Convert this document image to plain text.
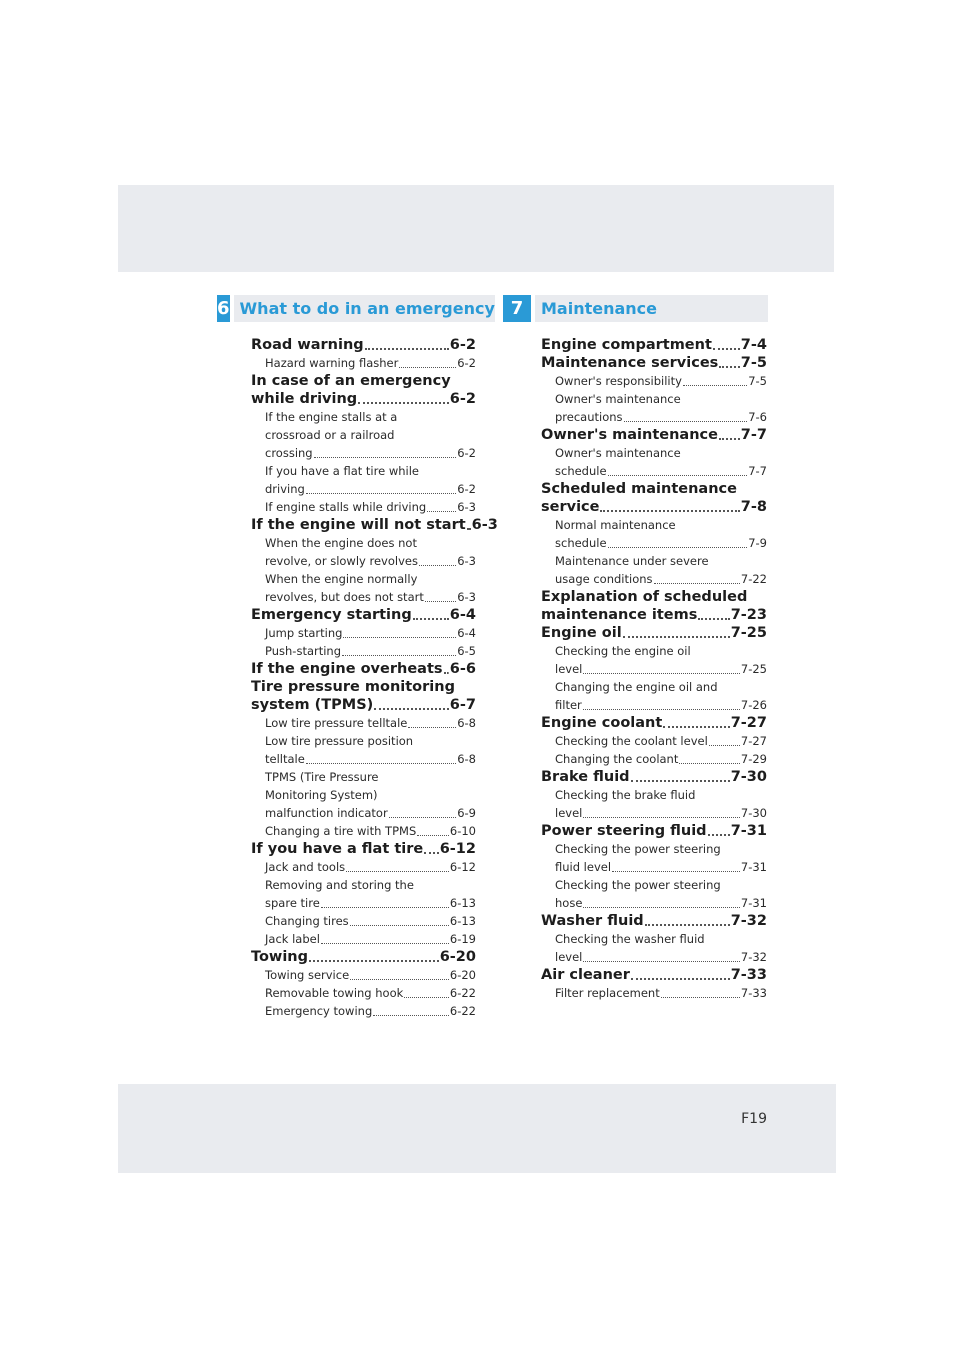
6 What to do in an emergency 7	Maintenance
Road warning	6-2
Hazard warning flasher	6-2
In case of an emergency
while driving	6-2
If the engine stalls at a
crossroad or a railroad
crossing	6-2
If you have a flat tire while
driving	6-2
If engine stalls while driving	6-3
If the engine will not start 6-3
When the engine does not
revolve, or slowly revolves	6-3
When the engine normally
revolves, but does not start	6-3
Emergency starting	6-4
Jump starting	6-4
Push-starting	6-5
If the engine overheats 6-6
Tire pressure monitoring
system (TPMS)	6-7
Low tire pressure telltale	6-8
Low tire pressure position
telltale	6-8
TPMS (Tire Pressure
Monitoring System)
malfunction indicator	6-9
Changing a tire with TPMS	6-10
If you have a flat tire 6-12
Jack and tools	6-12
Removing and storing the
spare tire	6-13
Changing tires	6-13
Jack label	6-19
Towing	6-20
Towing service	6-20
Removable towing hook	6-22
Emergency towing	6-22
Engine compartment 7-4
Maintenance services 7-5
Owner's responsibility	7-5
Owner's maintenance
precautions	7-6
Owner's maintenance 7-7
Owner's maintenance
schedule	7-7
Scheduled maintenance
service	7-8
Normal maintenance
schedule	7-9
Maintenance under severe
usage conditions	7-22
Explanation of scheduled
maintenance items 7-23
Engine oil	7-25
Checking the engine oil
level	7-25
Changing the engine oil and
filter	7-26
Engine coolant	7-27
Checking the coolant level	7-27
Changing the coolant	7-29
Brake fluid	7-30
Checking the brake fluid
level	7-30
Power steering fluid 7-31
Checking the power steering
fluid level	7-31
Checking the power steering
hose	7-31
Washer fluid	7-32
Checking the washer fluid
level	7-32
Air cleaner	7-33
Filter replacement	7-33
F19
